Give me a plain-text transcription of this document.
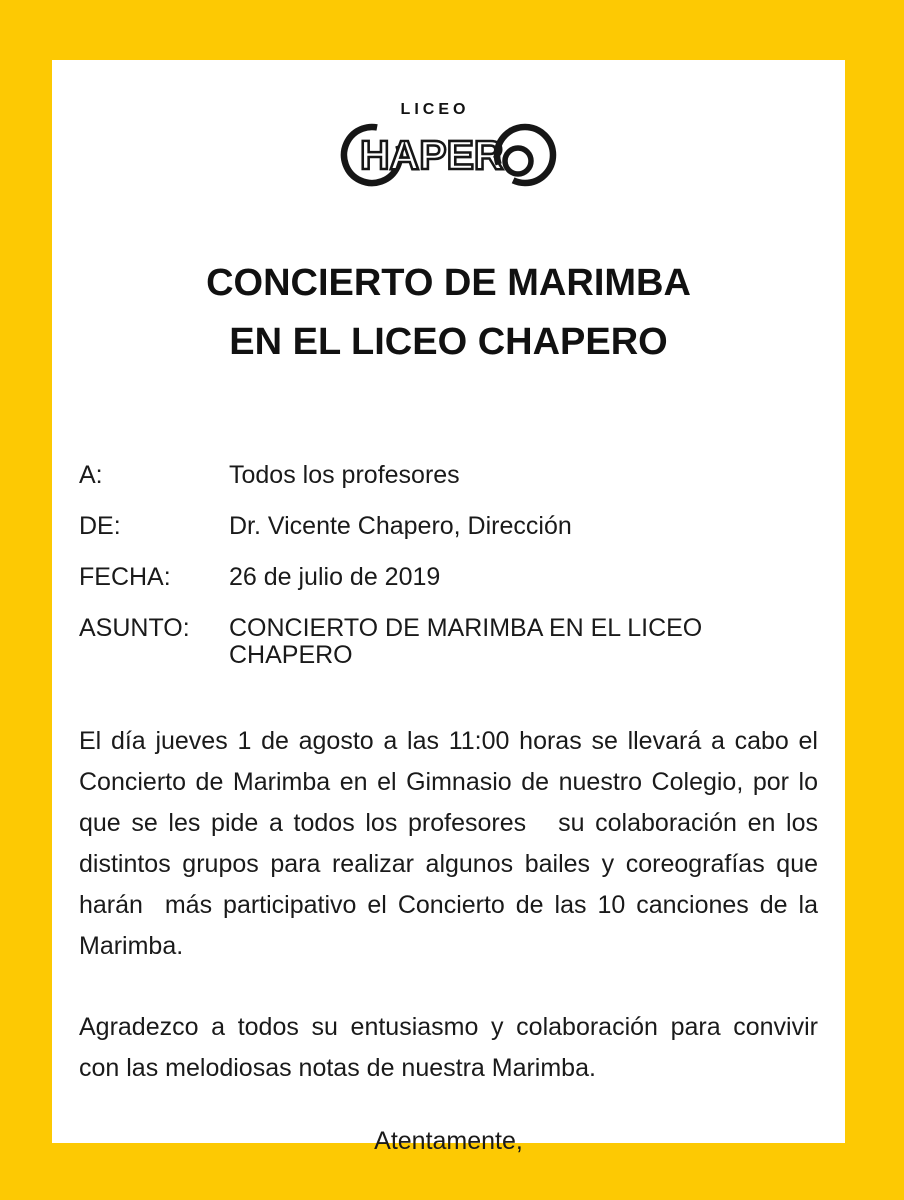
LICEO
HAPER
CONCIERTO DE MARIMBA
EN EL LICEO CHAPERO
A:	Todos los profesores
DE:	Dr. Vicente Chapero, Dirección
FECHA:	26 de julio de 2019
ASUNTO:	CONCIERTO DE MARIMBA EN EL LICEO CHAPERO

El día jueves 1 de agosto a las 11:00 horas se llevará a cabo el Concierto de Marimba en el Gimnasio de nuestro Colegio, por lo que se les pide a todos los profesores   su colaboración en los distintos grupos para realizar algunos bailes y coreografías que harán  más participativo el Concierto de las 10 canciones de la Marimba.

Agradezco a todos su entusiasmo y colaboración para convivir con las melodiosas notas de nuestra Marimba.

Atentamente,
